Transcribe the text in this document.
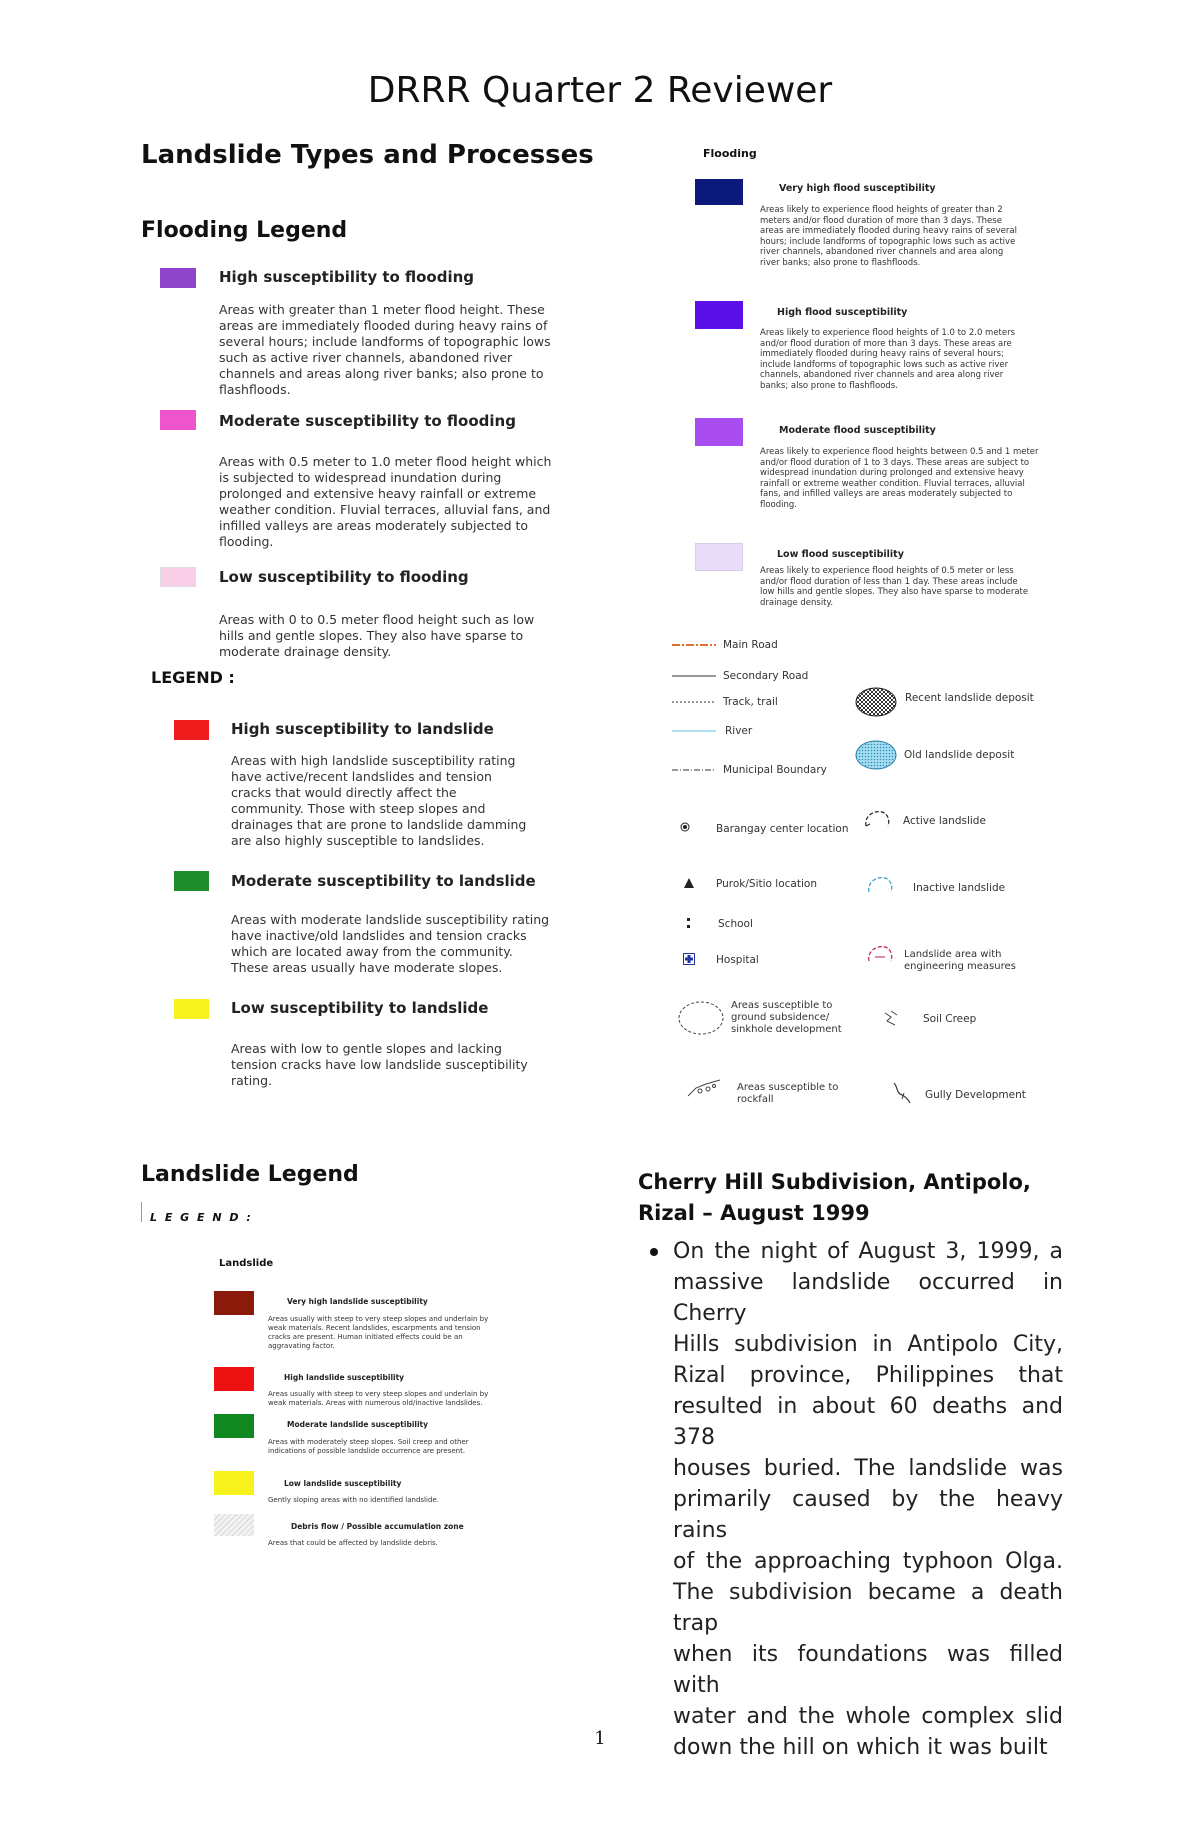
DRRR Quarter 2 Reviewer
Landslide Types and Processes
Flooding Legend
High susceptibility to flooding
Areas with greater than 1 meter flood height. These areas are immediately flooded during heavy rains of several hours; include landforms of topographic lows such as active river channels, abandoned river channels and areas along river banks; also prone to flashfloods.
Moderate susceptibility to flooding
Areas with 0.5 meter to 1.0 meter flood height which is subjected to widespread inundation during prolonged and extensive heavy rainfall or extreme weather condition. Fluvial terraces, alluvial fans, and infilled valleys are areas moderately subjected to flooding.
Low susceptibility to flooding
Areas with 0 to 0.5 meter flood height such as low hills and gentle slopes. They also have sparse to moderate drainage density.
LEGEND :
High susceptibility to landslide
Areas with high landslide susceptibility rating have active/recent landslides and tension cracks that would directly affect the community. Those with steep slopes and drainages that are prone to landslide damming are also highly susceptible to landslides.
Moderate susceptibility to landslide
Areas with moderate landslide susceptibility rating have inactive/old landslides and tension cracks which are located away from the community. These areas usually have moderate slopes.
Low susceptibility to landslide
Areas with low to gentle slopes and lacking tension cracks have low landslide susceptibility rating.
Flooding
Very high flood susceptibility
Areas likely to experience flood heights of greater than 2 meters and/or flood duration of more than 3 days. These areas are immediately flooded during heavy rains of several hours; include landforms of topographic lows such as active river channels, abandoned river channels and area along river banks; also prone to flashfloods.
High flood susceptibility
Areas likely to experience flood heights of 1.0 to 2.0 meters and/or flood duration of more than 3 days. These areas are immediately flooded during heavy rains of several hours; include landforms of topographic lows such as active river channels, abandoned river channels and area along river banks; also prone to flashfloods.
Moderate flood susceptibility
Areas likely to experience flood heights between 0.5 and 1 meter and/or flood duration of 1 to 3 days. These areas are subject to widespread inundation during prolonged and extensive heavy rainfall or extreme weather condition. Fluvial terraces, alluvial fans, and infilled valleys are areas moderately subjected to flooding.
Low flood susceptibility
Areas likely to experience flood heights of 0.5 meter or less and/or flood duration of less than 1 day. These areas include low hills and gentle slopes. They also have sparse to moderate drainage density.
Main Road
Secondary Road
Track, trail
River
Municipal Boundary
Barangay center location
Purok/Sitio location
School
Hospital
Areas susceptible to ground subsidence/ sinkhole development
Areas susceptible to rockfall
Recent landslide deposit
Old landslide deposit
Active landslide
Inactive landslide
Landslide area with engineering measures
Soil Creep
Gully Development
Landslide Legend
L E G E N D :
Landslide
Very high landslide susceptibility
Areas usually with steep to very steep slopes and underlain by weak materials. Recent landslides, escarpments and tension cracks are present. Human initiated effects could be an aggravating factor.
High landslide susceptibility
Areas usually with steep to very steep slopes and underlain by weak materials. Areas with numerous old/inactive landslides.
Moderate landslide susceptibility
Areas with moderately steep slopes. Soil creep and other indications of possible landslide occurrence are present.
Low landslide susceptibility
Gently sloping areas with no identified landslide.
Debris flow / Possible accumulation zone
Areas that could be affected by landslide debris.
Cherry Hill Subdivision, Antipolo,
Rizal – August 1999
On the night of August 3, 1999, a
massive landslide occurred in Cherry
Hills subdivision in Antipolo City,
Rizal province, Philippines that
resulted in about 60 deaths and 378
houses buried. The landslide was
primarily caused by the heavy rains
of the approaching typhoon Olga.
The subdivision became a death trap
when its foundations was filled with
water and the whole complex slid
down the hill on which it was built
1
